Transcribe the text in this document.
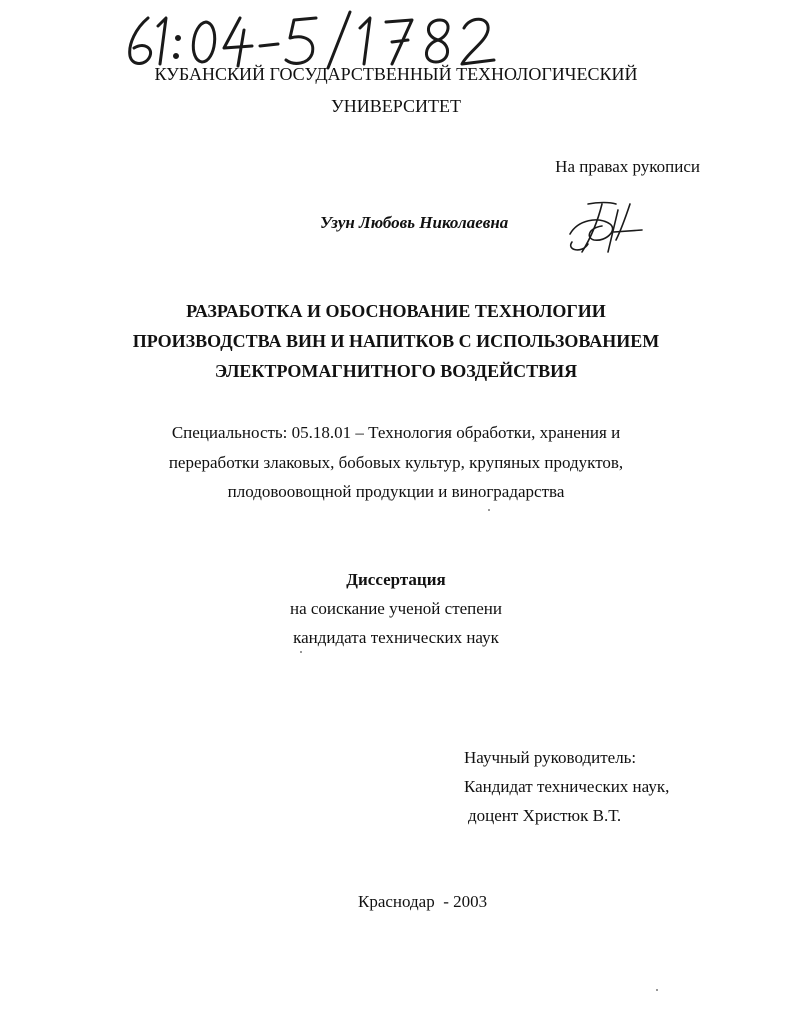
КУБАНСКИЙ ГОСУДАРСТВЕННЫЙ ТЕХНОЛОГИЧЕСКИЙ
УНИВЕРСИТЕТ
На правах рукописи
Узун Любовь Николаевна
РАЗРАБОТКА И ОБОСНОВАНИЕ ТЕХНОЛОГИИ
ПРОИЗВОДСТВА ВИН И НАПИТКОВ С ИСПОЛЬЗОВАНИЕМ
ЭЛЕКТРОМАГНИТНОГО ВОЗДЕЙСТВИЯ
Специальность: 05.18.01 – Технология обработки, хранения и
переработки злаковых, бобовых культур, крупяных продуктов,
плодовоовощной продукции и виноградарства
Диссертация
на соискание ученой степени
кандидата технических наук
Научный руководитель:
Кандидат технических наук,
доцент Христюк В.Т.
Краснодар  - 2003
